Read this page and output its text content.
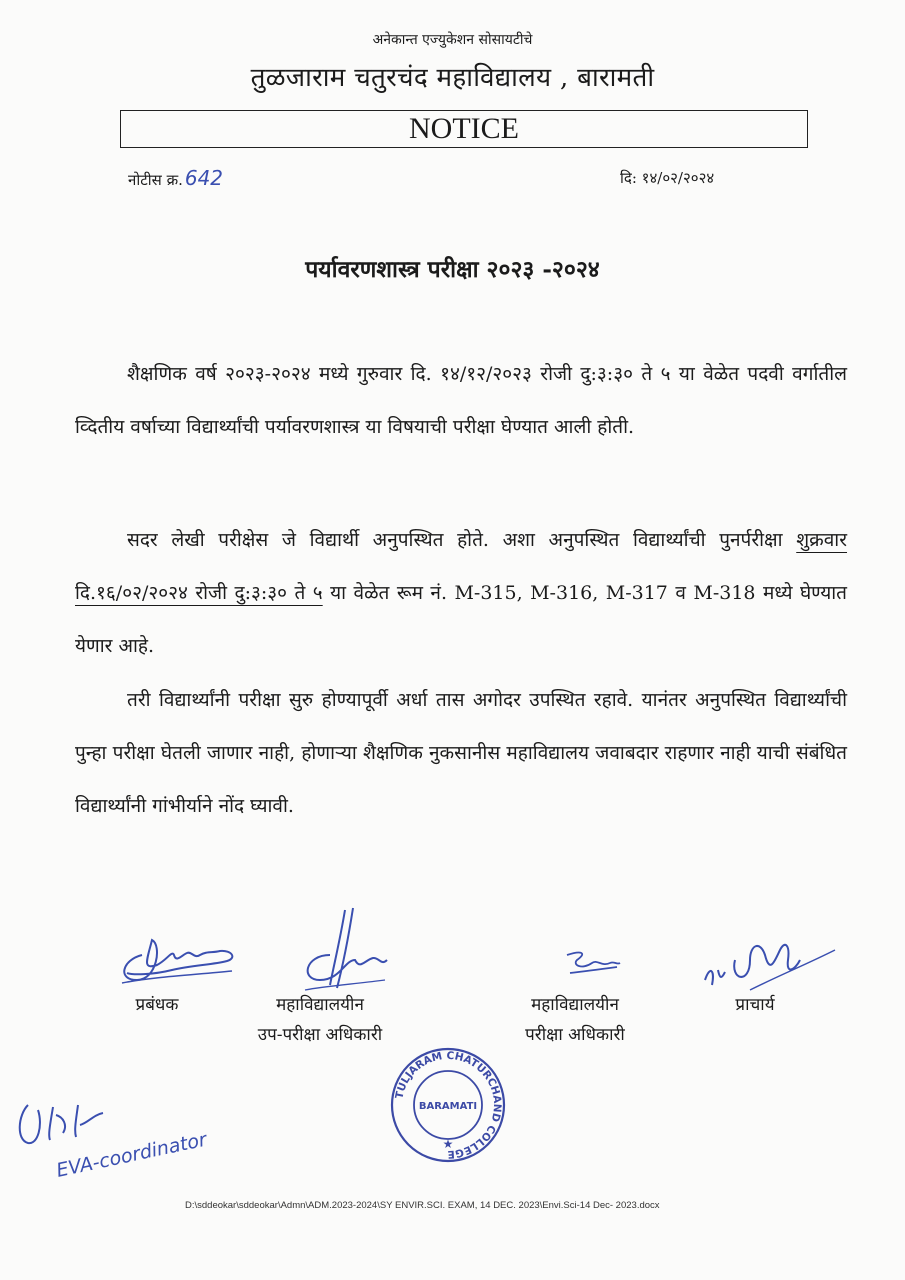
अनेकान्त एज्युकेशन सोसायटीचे
तुळजाराम चतुरचंद महाविद्यालय , बारामती
NOTICE
नोटीस क्र. 642	दि: १४/०२/२०२४
पर्यावरणशास्त्र परीक्षा २०२३ -२०२४

शैक्षणिक वर्ष २०२३-२०२४ मध्ये गुरुवार दि. १४/१२/२०२३ रोजी दु:३:३० ते ५ या वेळेत पदवी वर्गातील व्दितीय वर्षाच्या विद्यार्थ्यांची पर्यावरणशास्त्र या विषयाची परीक्षा घेण्यात आली होती.

सदर लेखी परीक्षेस जे विद्यार्थी अनुपस्थित होते. अशा अनुपस्थित विद्यार्थ्यांची पुनर्परीक्षा शुक्रवार दि.१६/०२/२०२४ रोजी दु:३:३० ते ५ या वेळेत रूम नं. M-315, M-316, M-317 व M-318 मध्ये घेण्यात येणार आहे.

तरी विद्यार्थ्यांनी परीक्षा सुरु होण्यापूर्वी अर्धा तास अगोदर उपस्थित रहावे. यानंतर अनुपस्थित विद्यार्थ्यांची पुन्हा परीक्षा घेतली जाणार नाही, होणाऱ्या शैक्षणिक नुकसानीस महाविद्यालय जवाबदार राहणार नाही याची संबंधित विद्यार्थ्यांनी गांभीर्याने नोंद घ्यावी.

प्रबंधक	महाविद्यालयीन
उप-परीक्षा अधिकारी
महाविद्यालयीन
परीक्षा अधिकारी
प्राचार्य
TULJARAM CHATURCHAND COLLEGE
BARAMATI
★
EVA-coordinator
D:\sddeokar\sddeokar\Admn\ADM.2023-2024\SY ENVIR.SCI. EXAM, 14 DEC. 2023\Envi.Sci-14 Dec- 2023.docx
